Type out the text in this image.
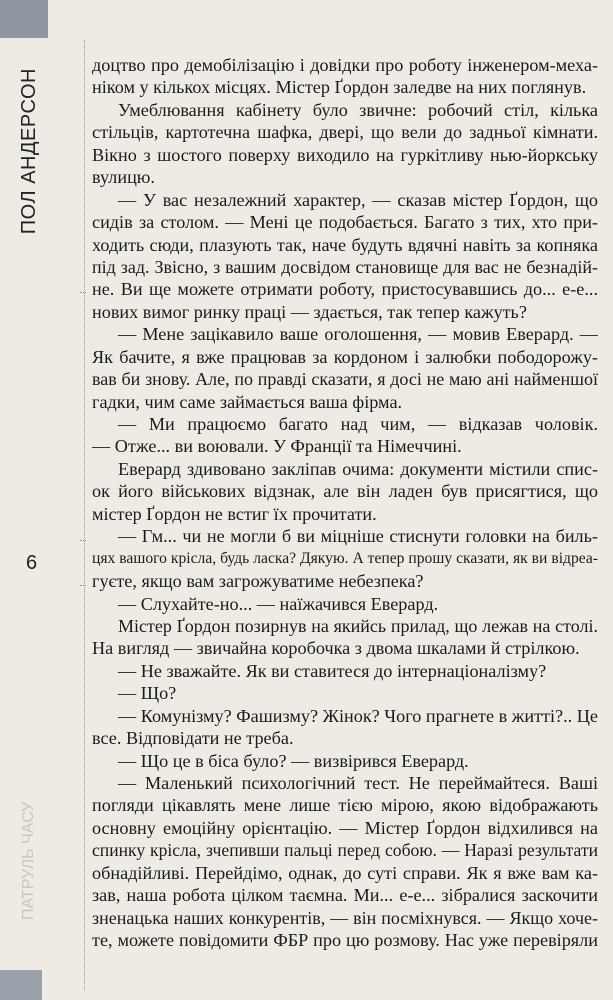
ПОЛ АНДЕРСОН
6
ПАТРУЛЬ ЧАСУ
доцтво про демобілізацію і довідки про роботу інженером-меха-
ніком у кількох місцях. Містер Ґордон заледве на них поглянув.
Умеблювання кабінету було звичне: робочий стіл, кілька
стільців, картотечна шафка, двері, що вели до задньої кімнати.
Вікно з шостого поверху виходило на гуркітливу нью-йоркську
вулицю.
— У вас незалежний характер, — сказав містер Ґордон, що
сидів за столом. — Мені це подобається. Багато з тих, хто при-
ходить сюди, плазують так, наче будуть вдячні навіть за копняка
під зад. Звісно, з вашим досвідом становище для вас не безнадій-
не. Ви ще можете отримати роботу, пристосувавшись до... е-е...
нових вимог ринку праці — здається, так тепер кажуть?
— Мене зацікавило ваше оголошення, — мовив Еверард. —
Як бачите, я вже працював за кордоном і залюбки пободорожу-
вав би знову. Але, по правді сказати, я досі не маю ані найменшої
гадки, чим саме займається ваша фірма.
— Ми працюємо багато над чим, — відказав чоловік.
— Отже... ви воювали. У Франції та Німеччині.
Еверард здивовано закліпав очима: документи містили спис-
ок його військових відзнак, але він ладен був присягтися, що
містер Ґордон не встиг їх прочитати.
— Гм... чи не могли б ви міцніше стиснути головки на биль-
цях вашого крісла, будь ласка? Дякую. А тепер прошу сказати, як ви відреа-
гуєте, якщо вам загрожуватиме небезпека?
— Слухайте-но... — наїжачився Еверард.
Містер Ґордон позирнув на якийсь прилад, що лежав на столі.
На вигляд — звичайна коробочка з двома шкалами й стрілкою.
— Не зважайте. Як ви ставитеся до інтернаціоналізму?
— Що?
— Комунізму? Фашизму? Жінок? Чого прагнете в житті?.. Це
все. Відповідати не треба.
— Що це в біса було? — визвірився Еверард.
— Маленький психологічний тест. Не переймайтеся. Ваші
погляди цікавлять мене лише тією мірою, якою відображають
основну емоційну орієнтацію. — Містер Ґордон відхилився на
спинку крісла, зчепивши пальці перед собою. — Наразі результати
обнадійливі. Перейдімо, однак, до суті справи. Як я вже вам ка-
зав, наша робота цілком таємна. Ми... е-е... зібралися заскочити
зненацька наших конкурентів, — він посміхнувся. — Якщо хоче-
те, можете повідомити ФБР про цю розмову. Нас уже перевіряли
